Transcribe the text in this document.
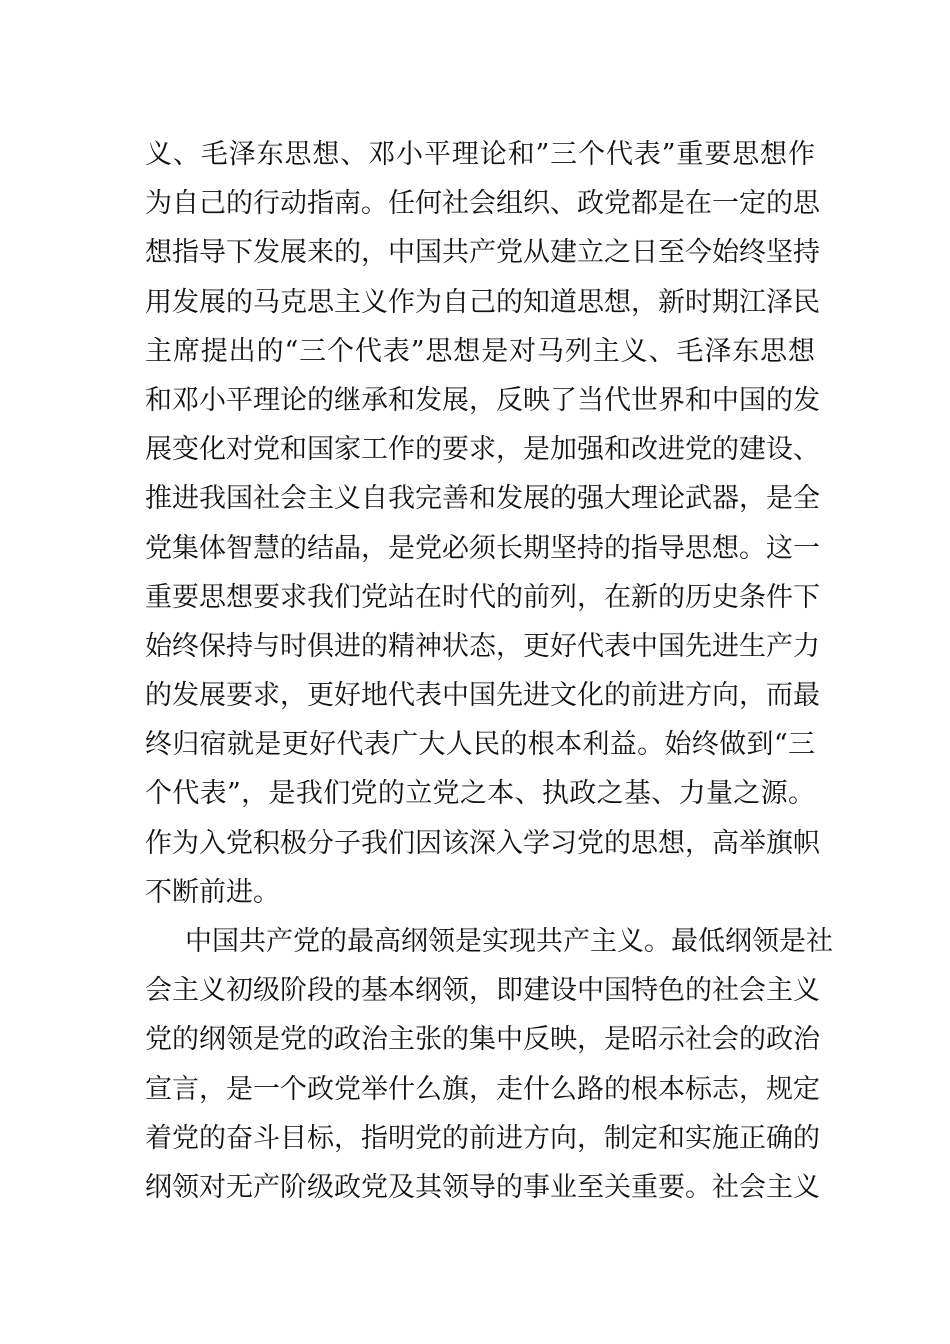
义、毛泽东思想、邓小平理论和”三个代表”重要思想作
为自己的行动指南。任何社会组织、政党都是在一定的思
想指导下发展来的，中国共产党从建立之日至今始终坚持
用发展的马克思主义作为自己的知道思想，新时期江泽民
主席提出的“三个代表”思想是对马列主义、毛泽东思想
和邓小平理论的继承和发展，反映了当代世界和中国的发
展变化对党和国家工作的要求，是加强和改进党的建设、
推进我国社会主义自我完善和发展的强大理论武器，是全
党集体智慧的结晶，是党必须长期坚持的指导思想。这一
重要思想要求我们党站在时代的前列，在新的历史条件下
始终保持与时俱进的精神状态，更好代表中国先进生产力
的发展要求，更好地代表中国先进文化的前进方向，而最
终归宿就是更好代表广大人民的根本利益。始终做到“三
个代表”，是我们党的立党之本、执政之基、力量之源。
作为入党积极分子我们因该深入学习党的思想，高举旗帜
不断前进。
中国共产党的最高纲领是实现共产主义。最低纲领是社
会主义初级阶段的基本纲领，即建设中国特色的社会主义
党的纲领是党的政治主张的集中反映，是昭示社会的政治
宣言，是一个政党举什么旗，走什么路的根本标志，规定
着党的奋斗目标，指明党的前进方向，制定和实施正确的
纲领对无产阶级政党及其领导的事业至关重要。社会主义
